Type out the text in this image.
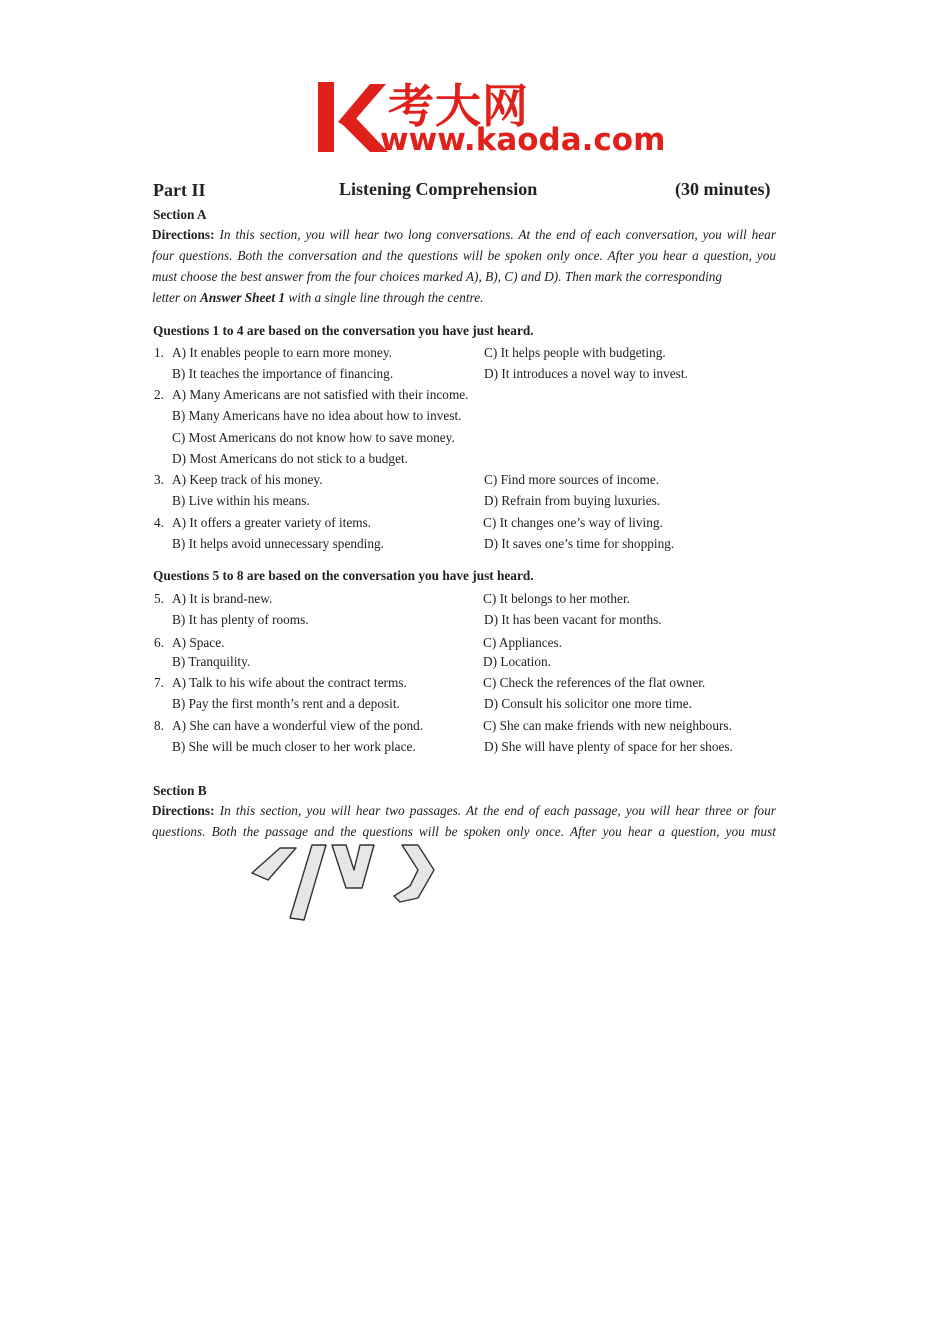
考大网
www.kaoda.com
Part II	Listening Comprehension	(30 minutes)
Section A
Directions: In this section, you will hear two long conversations. At the end of each conversation, you will hear
four questions. Both the conversation and the questions will be spoken only once. After you hear a question, you
must choose the best answer from the four choices marked A), B), C) and D). Then mark the corresponding
letter on Answer Sheet 1 with a single line through the centre.
Questions 1 to 4 are based on the conversation you have just heard.
1. A) It enables people to earn more money.	C) It helps people with budgeting.
B) It teaches the importance of financing.	D) It introduces a novel way to invest.
2. A) Many Americans are not satisfied with their income.
B) Many Americans have no idea about how to invest.
C) Most Americans do not know how to save money.
D) Most Americans do not stick to a budget.
3. A) Keep track of his money.	C) Find more sources of income.
B) Live within his means.	D) Refrain from buying luxuries.
4. A) It offers a greater variety of items.	C) It changes one’s way of living.
B) It helps avoid unnecessary spending.	D) It saves one’s time for shopping.
Questions 5 to 8 are based on the conversation you have just heard.
5. A) It is brand-new.	C) It belongs to her mother.
B) It has plenty of rooms.	D) It has been vacant for months.
6. A) Space.	C) Appliances.
B) Tranquility.	D) Location.
7. A) Talk to his wife about the contract terms.	C) Check the references of the flat owner.
B) Pay the first month’s rent and a deposit.	D) Consult his solicitor one more time.
8. A) She can have a wonderful view of the pond.	C) She can make friends with new neighbours.
B) She will be much closer to her work place.	D) She will have plenty of space for her shoes.
Section B
Directions: In this section, you will hear two passages. At the end of each passage, you will hear three or four
questions. Both the passage and the questions will be spoken only once. After you hear a question, you must
